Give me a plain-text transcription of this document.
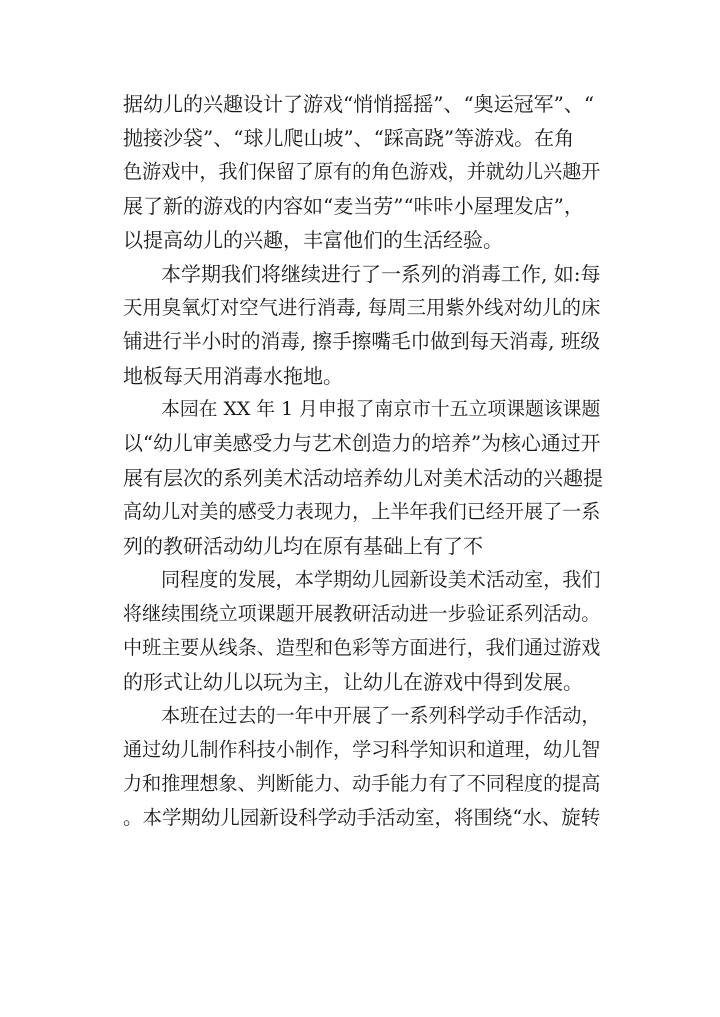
据幼儿的兴趣设计了游戏“悄悄摇摇”、“奥运冠军”、“
抛接沙袋”、“球儿爬山坡”、“踩高跷”等游戏。在角
色游戏中，我们保留了原有的角色游戏，并就幼儿兴趣开
展了新的游戏的内容如“麦当劳”“咔咔小屋理发店”，
以提高幼儿的兴趣，丰富他们的生活经验。
本学期我们将继续进行了一系列的消毒工作, 如:每
天用臭氧灯对空气进行消毒, 每周三用紫外线对幼儿的床
铺进行半小时的消毒, 擦手擦嘴毛巾做到每天消毒, 班级
地板每天用消毒水拖地。
本园在 XX 年 1 月申报了南京市十五立项课题该课题
以“幼儿审美感受力与艺术创造力的培养”为核心通过开
展有层次的系列美术活动培养幼儿对美术活动的兴趣提
高幼儿对美的感受力表现力，上半年我们已经开展了一系
列的教研活动幼儿均在原有基础上有了不
同程度的发展，本学期幼儿园新设美术活动室，我们
将继续围绕立项课题开展教研活动进一步验证系列活动。
中班主要从线条、造型和色彩等方面进行，我们通过游戏
的形式让幼儿以玩为主，让幼儿在游戏中得到发展。
本班在过去的一年中开展了一系列科学动手作活动，
通过幼儿制作科技小制作，学习科学知识和道理，幼儿智
力和推理想象、判断能力、动手能力有了不同程度的提高
。本学期幼儿园新设科学动手活动室，将围绕“水、旋转
